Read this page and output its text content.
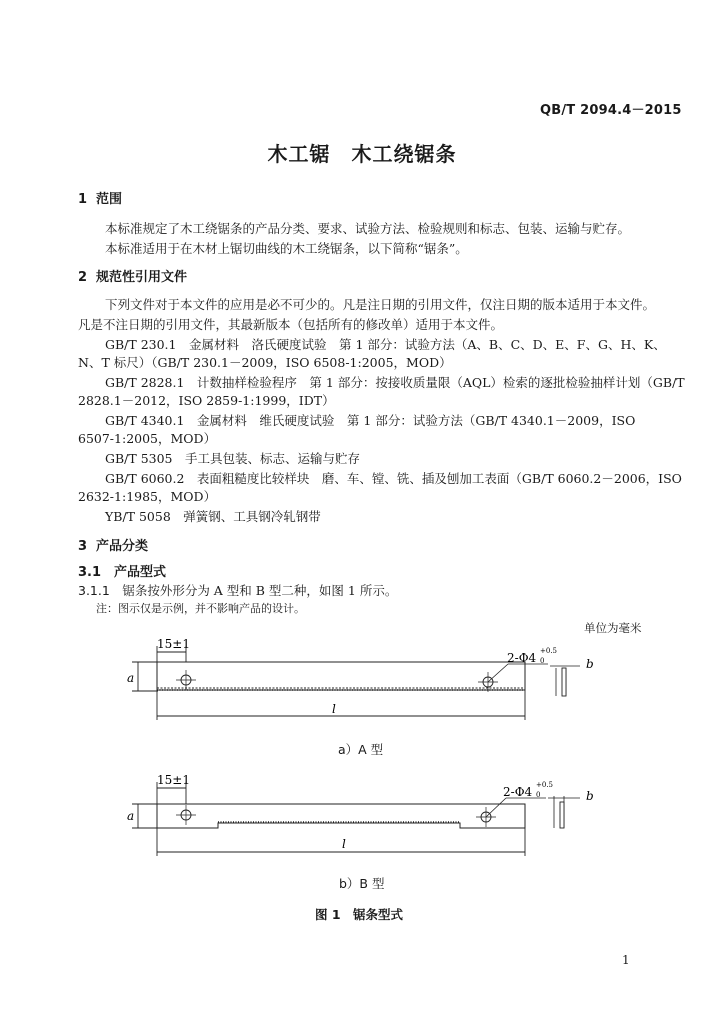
QB/T 2094.4－2015
木工锯　木工绕锯条
1 范围
本标准规定了木工绕锯条的产品分类、要求、试验方法、检验规则和标志、包装、运输与贮存。
本标准适用于在木材上锯切曲线的木工绕锯条，以下简称“锯条”。
2 规范性引用文件
下列文件对于本文件的应用是必不可少的。凡是注日期的引用文件，仅注日期的版本适用于本文件。
凡是不注日期的引用文件，其最新版本（包括所有的修改单）适用于本文件。
GB/T 230.1　金属材料　洛氏硬度试验　第 1 部分：试验方法（A、B、C、D、E、F、G、H、K、
N、T 标尺）（GB/T 230.1－2009，ISO 6508-1:2005，MOD）
GB/T 2828.1　计数抽样检验程序　第 1 部分：按接收质量限（AQL）检索的逐批检验抽样计划（GB/T
2828.1－2012，ISO 2859-1:1999，IDT）
GB/T 4340.1　金属材料　维氏硬度试验　第 1 部分：试验方法（GB/T 4340.1－2009，ISO
6507-1:2005，MOD）
GB/T 5305　手工具包装、标志、运输与贮存
GB/T 6060.2　表面粗糙度比较样块　磨、车、镗、铣、插及刨加工表面（GB/T 6060.2－2006，ISO
2632-1:1985，MOD）
YB/T 5058　弹簧钢、工具钢冷轧钢带
3 产品分类
3.1　 产品型式
3.1.1　 锯条按外形分为 A 型和 B 型二种，如图 1 所示。
注：图示仅是示例，并不影响产品的设计。
单位为毫米
15±1
a
2-Φ4 +0.5
0
l
b
a）A 型
15±1
a
2-Φ4 +0.5
0
l
b
b）B 型
图 1　锯条型式
1
